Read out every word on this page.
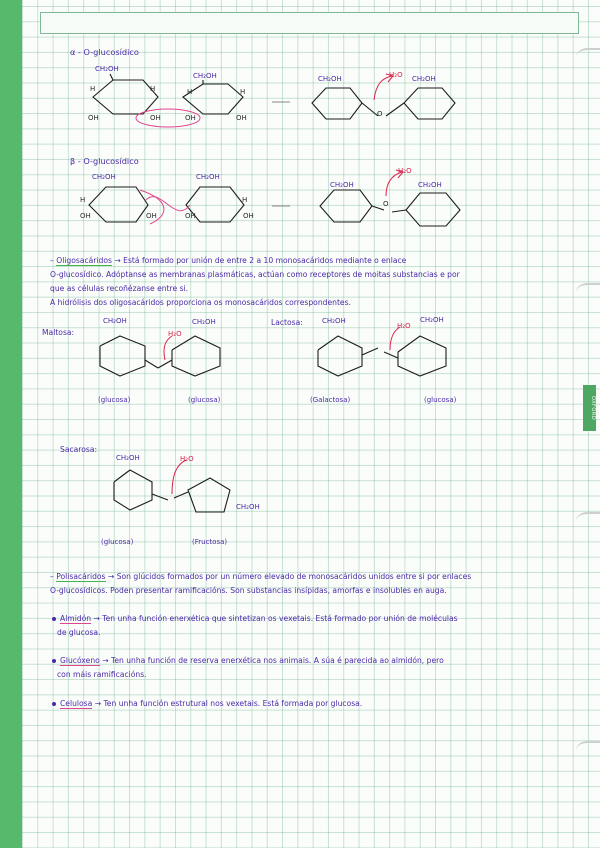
OXFORD
α - O-glucosídico
CH₂OH
CH₂OH
H	H	H	H
OH	OH	OH	OH
CH₂OH	CH₂OH
H₂O
O
β - O-glucosídico
CH₂OH	CH₂OH
H	H
OH	OH	OH	OH
CH₂OH	CH₂OH
H₂O
O
– Oligosacáridos → Está formado por unión de entre 2 a 10 monosacáridos mediante o enlace
O-glucosídico. Adóptanse as membranas plasmáticas, actúan como receptores de moitas substancias e por
que as células recoñézanse entre si.
A hidrólisis dos oligosacáridos proporciona os monosacáridos correspondentes.
Maltosa:
CH₂OH	CH₂OH
H₂O
(glucosa)	(glucosa)
Lactosa:	CH₂OH	CH₂OH
H₂O
(Galactosa)	(glucosa)
Sacarosa:
CH₂OH	H₂O
CH₂OH
(glucosa)	(Fructosa)
– Polisacáridos → Son glúcidos formados por un número elevado de monosacáridos unidos entre si por enlaces
O-glucosídicos. Poden presentar ramificacións. Son substancias insípidas, amorfas e insolubles en auga.
Almidón → Ten unha función enerxética que sintetizan os vexetais. Está formado por unión de moléculas
de glucosa.
Glucóxeno → Ten unha función de reserva enerxética nos animais. A súa é parecida ao almidón, pero
con máis ramificacións.
Celulosa → Ten unha función estrutural nos vexetais. Está formada por glucosa.
